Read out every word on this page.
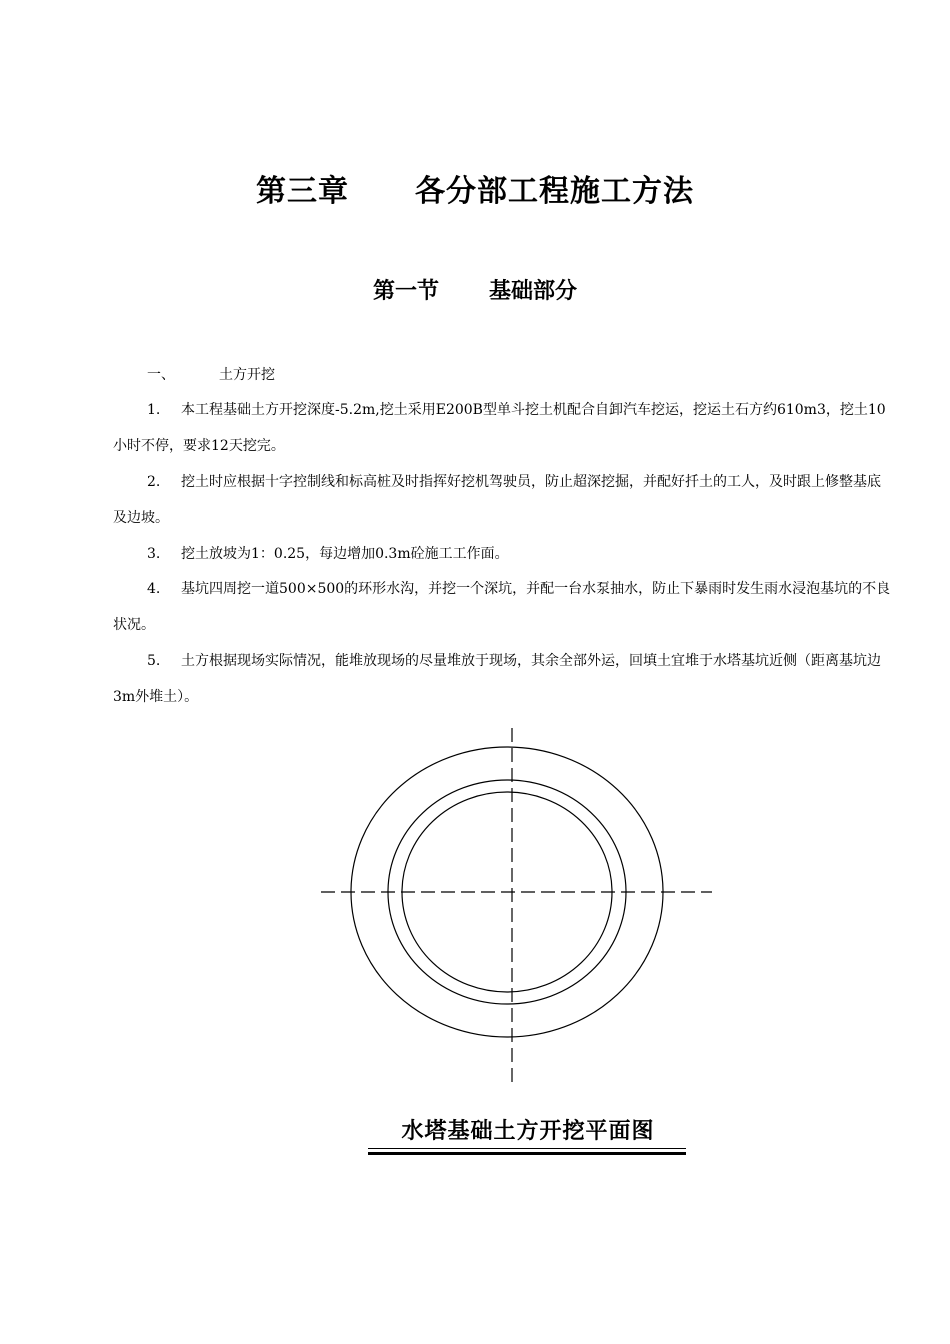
第三章 各分部工程施工方法
第一节 基础部分
一、	土方开挖
1. 本工程基础土方开挖深度-5.2m,挖土采用E200B型单斗挖土机配合自卸汽车挖运，挖运土石方约610m3，挖土10小时不停，要求12天挖完。
2. 挖土时应根据十字控制线和标高桩及时指挥好挖机驾驶员，防止超深挖掘，并配好扦土的工人，及时跟上修整基底及边坡。
3. 挖土放坡为1：0.25，每边增加0.3m砼施工工作面。
4. 基坑四周挖一道500×500的环形水沟，并挖一个深坑，并配一台水泵抽水，防止下暴雨时发生雨水浸泡基坑的不良状况。
5. 土方根据现场实际情况，能堆放现场的尽量堆放于现场，其余全部外运，回填土宜堆于水塔基坑近侧（距离基坑边3m外堆土）。
水塔基础土方开挖平面图
